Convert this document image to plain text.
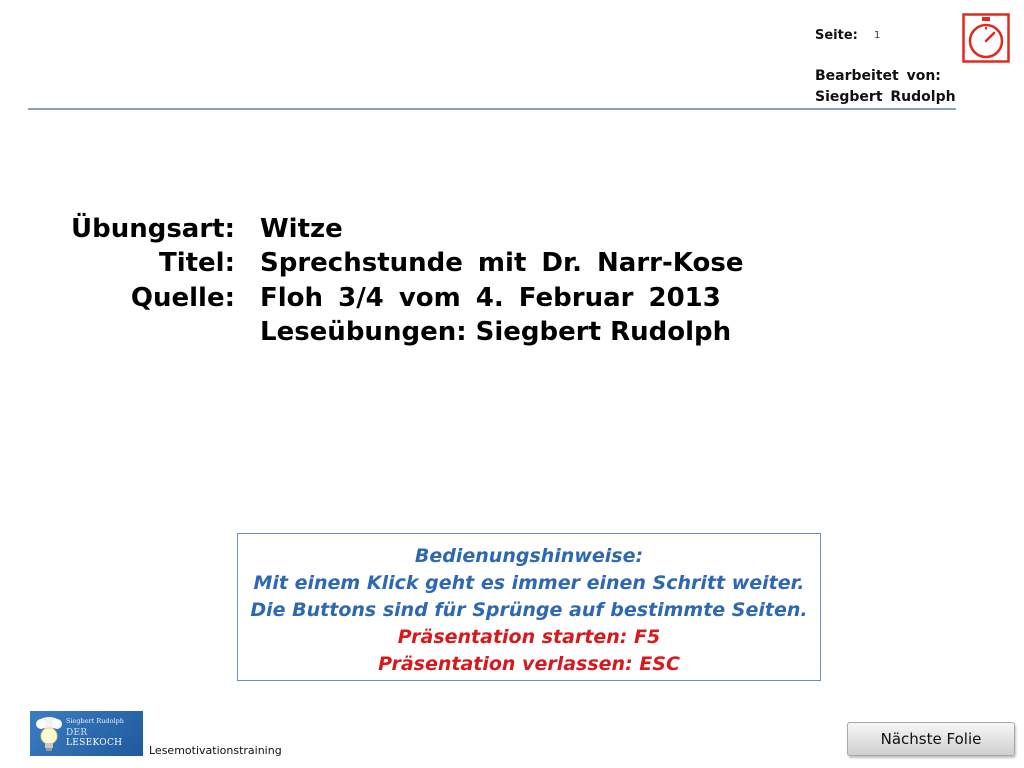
Seite: 1
Bearbeitet von:
Siegbert Rudolph
Übungsart: Witze
Titel: Sprechstunde mit Dr. Narr-Kose
Quelle: Floh 3/4 vom 4. Februar 2013
Leseübungen: Siegbert Rudolph
Bedienungshinweise:
Mit einem Klick geht es immer einen Schritt weiter.
Die Buttons sind für Sprünge auf bestimmte Seiten.
Präsentation starten: F5
Präsentation verlassen: ESC
Siegbert Rudolph
DER LESEKOCH
Lesemotivationstraining
Nächste Folie
